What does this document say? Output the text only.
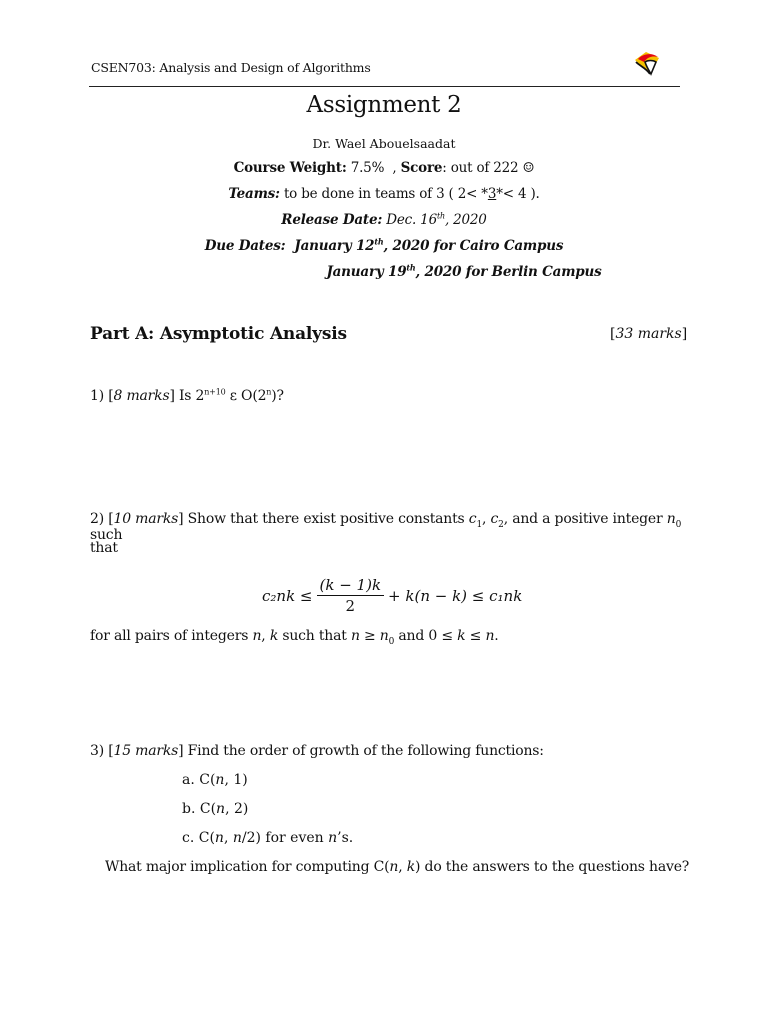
CSEN703: Analysis and Design of Algorithms
Assignment 2
Dr. Wael Abouelsaadat
Course Weight: 7.5%  , Score: out of 222 ☺
Teams: to be done in teams of 3 ( 2< *3*< 4 ).
Release Date: Dec. 16th, 2020
Due Dates: January 12th, 2020 for Cairo Campus
January 19th, 2020 for Berlin Campus
Part A: Asymptotic Analysis	[33 marks]
1) [8 marks] Is $2^{n+10}$ ε O(2$^n$)?
2) [10 marks] Show that there exist positive constants $c_1$, $c_2$, and a positive integer $n_0$ such
that
$c_2nk \le \frac{(k - 1)k}{2} + k(n - k) \le c_1nk$
for all pairs of integers n, k such that $n \ge n_0$ and 0 ≤ k ≤ n.
3) [15 marks] Find the order of growth of the following functions:
a. C(n, 1)
b. C(n, 2)
c. C(n, n/2) for even n’s.
What major implication for computing C(n, k) do the answers to the questions have?
